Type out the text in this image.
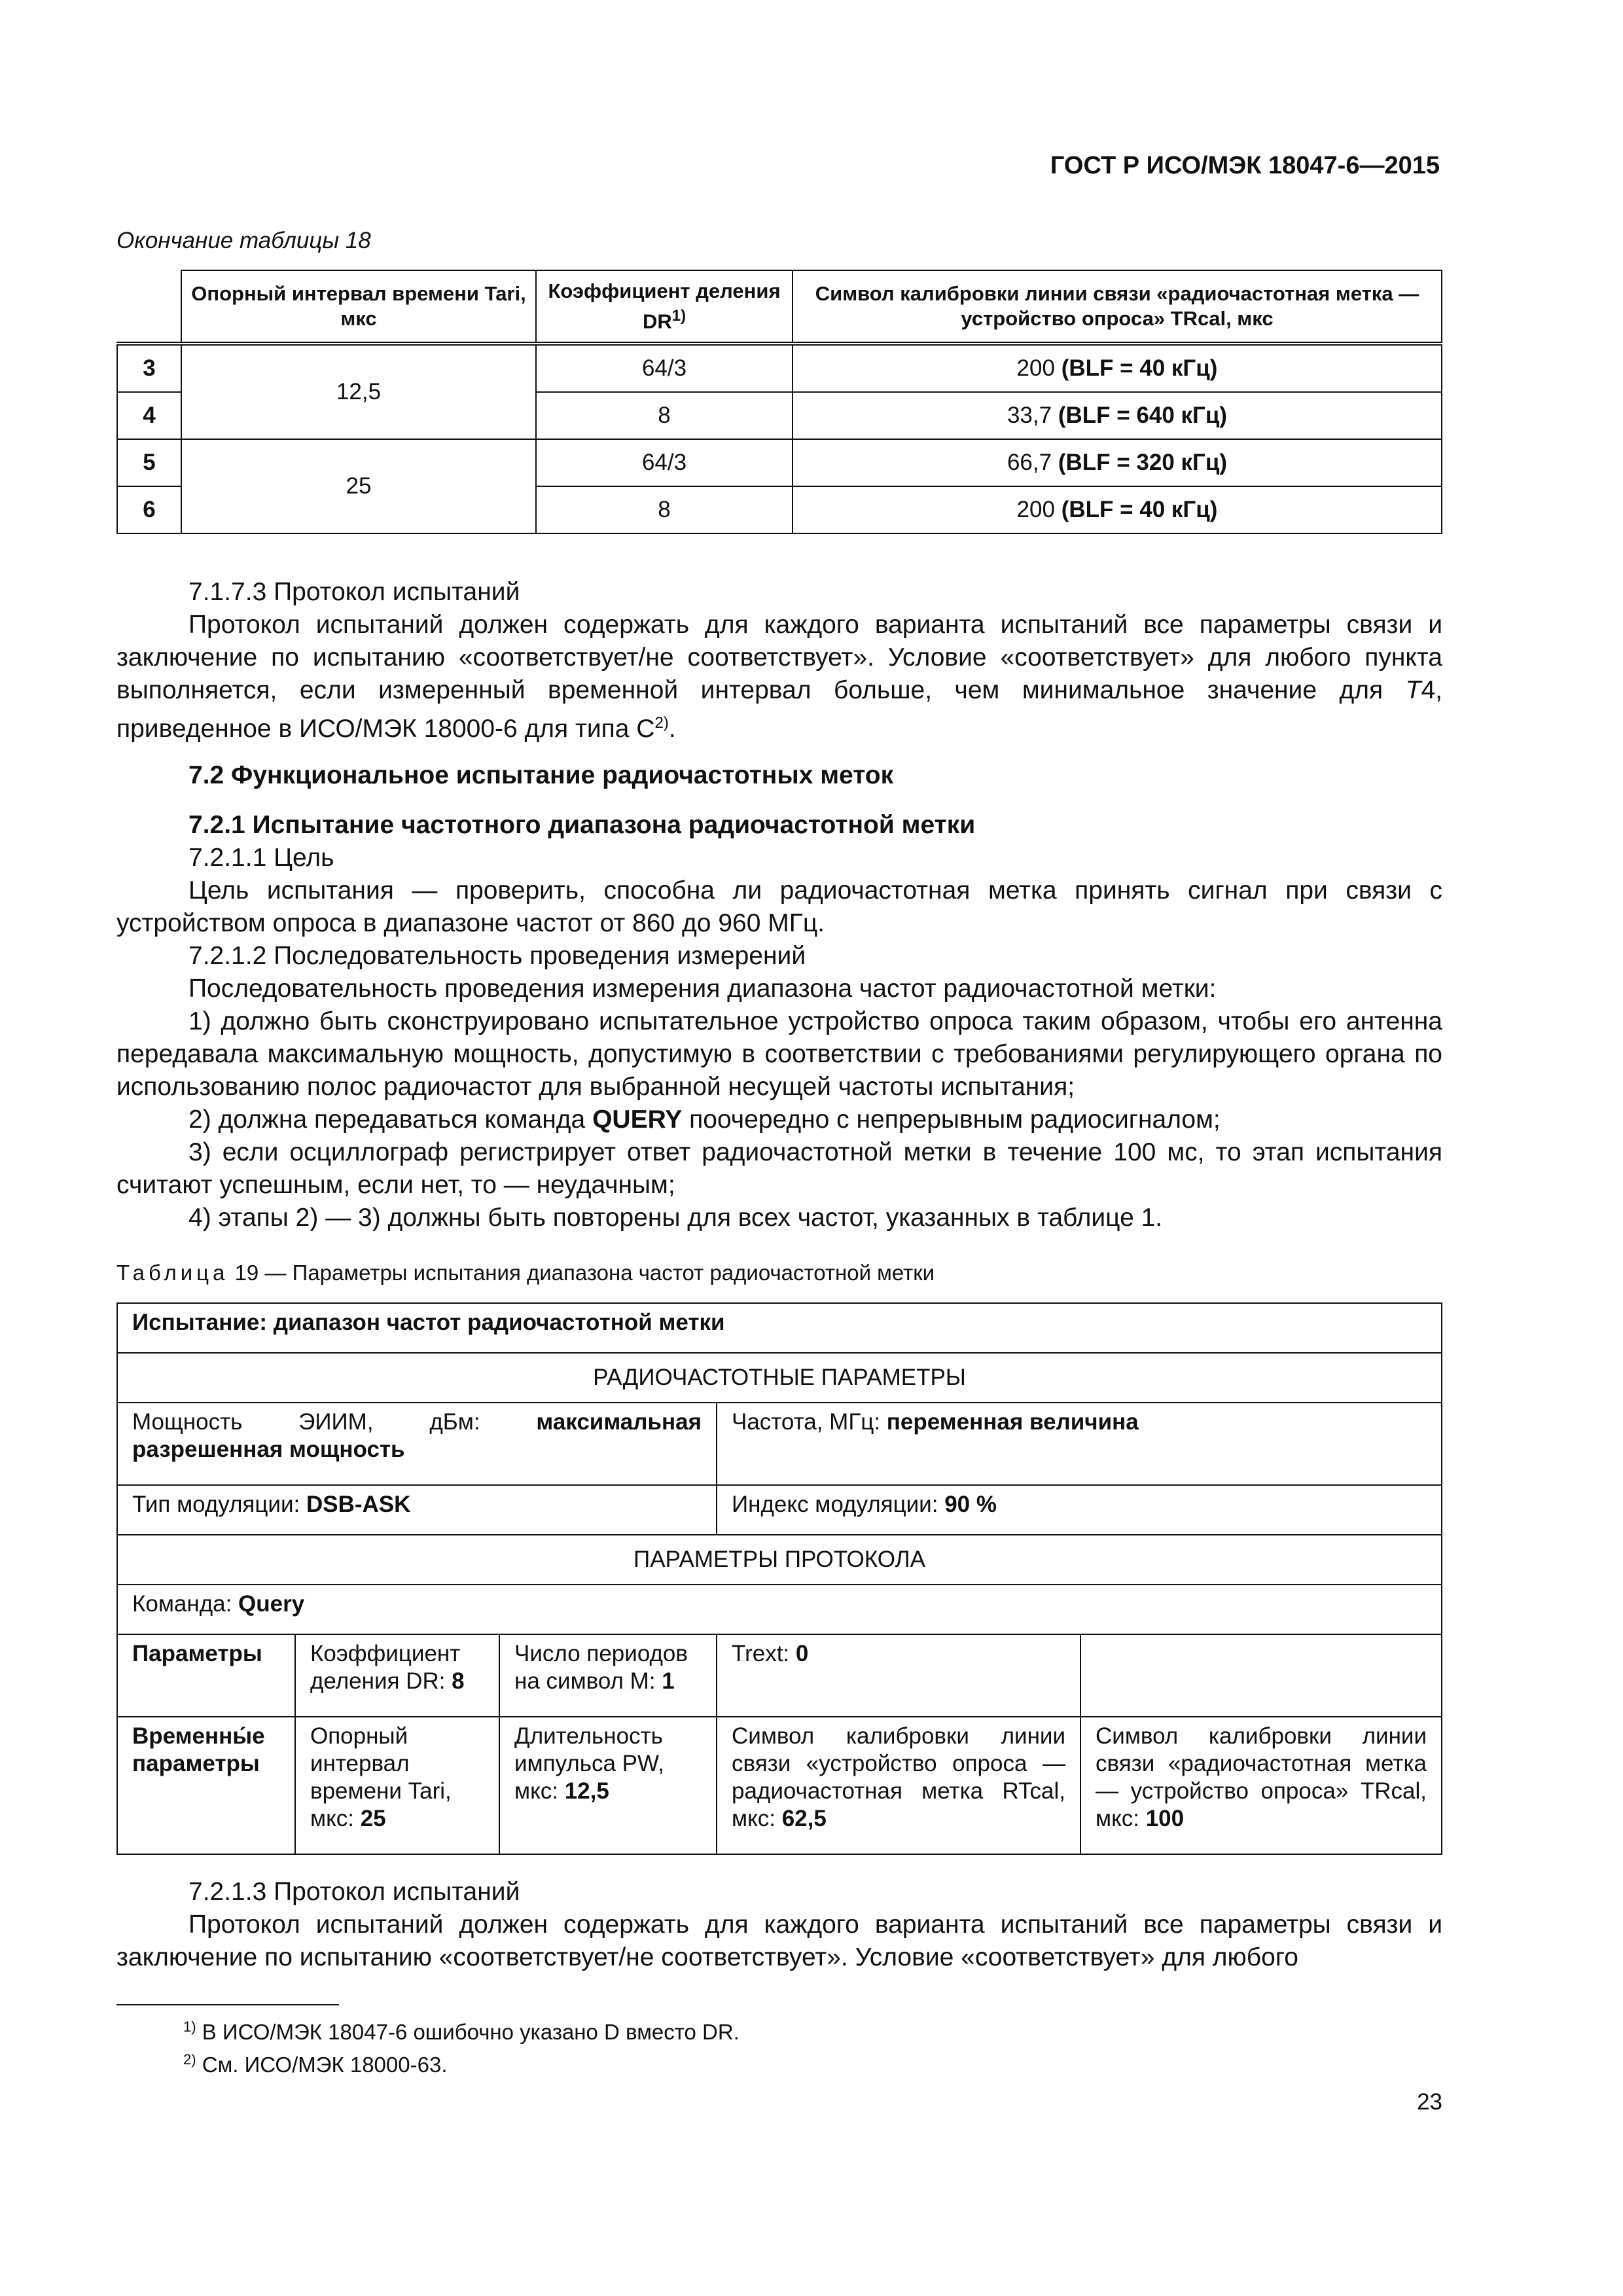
ГОСТ Р ИСО/МЭК 18047-6—2015
Окончание таблицы 18
	Опорный интервал времени Tari, мкс	Коэффициент деления DR$^{1)}$	Символ калибровки линии связи «радиочастотная метка — устройство опроса» TRcal, мкс
3	12,5	64/3	200 (BLF = 40 кГц)
4		8	33,7 (BLF = 640 кГц)
5	25	64/3	66,7 (BLF = 320 кГц)
6		8	200 (BLF = 40 кГц)

7.1.7.3 Протокол испытаний

Протокол испытаний должен содержать для каждого варианта испытаний все параметры связи и заключение по испытанию «соответствует/не соответствует». Условие «соответствует» для любого пункта выполняется, если измеренный временной интервал больше, чем минимальное значение для T4, приведенное в ИСО/МЭК 18000-6 для типа $С^{2)}$.

7.2 Функциональное испытание радиочастотных меток

7.2.1 Испытание частотного диапазона радиочастотной метки

7.2.1.1 Цель

Цель испытания — проверить, способна ли радиочастотная метка принять сигнал при связи с устройством опроса в диапазоне частот от 860 до 960 МГц.

7.2.1.2 Последовательность проведения измерений

Последовательность проведения измерения диапазона частот радиочастотной метки:

1) должно быть сконструировано испытательное устройство опроса таким образом, чтобы его антенна передавала максимальную мощность, допустимую в соответствии с требованиями регулирующего органа по использованию полос радиочастот для выбранной несущей частоты испытания;

2) должна передаваться команда QUERY поочередно с непрерывным радиосигналом;

3) если осциллограф регистрирует ответ радиочастотной метки в течение 100 мс, то этап испытания считают успешным, если нет, то — неудачным;

4) этапы 2) — 3) должны быть повторены для всех частот, указанных в таблице 1.

Таблица 19 — Параметры испытания диапазона частот радиочастотной метки
Испытание: диапазон частот радиочастотной метки				
РАДИОЧАСТОТНЫЕ ПАРАМЕТРЫ				
Мощность ЭИИМ, дБм: максимальная разрешенная мощность			Частота, МГц: переменная величина	
Тип модуляции: DSB-ASK			Индекс модуляции: 90 %	
ПАРАМЕТРЫ ПРОТОКОЛА				
Команда: Query				
Параметры	Коэффициент деления DR: 8	Число периодов на символ M: 1	Trext: 0	
Временны́е параметры	Опорный интервал времени Tari, мкс: 25	Длительность импульса PW, мкс: 12,5	Символ калибровки линии связи «устройство опроса — радиочастотная метка RTcal, мкс: 62,5	Символ калибровки линии связи «радиочастотная метка — устройство опроса» TRcal, мкс: 100

7.2.1.3 Протокол испытаний

Протокол испытаний должен содержать для каждого варианта испытаний все параметры связи и заключение по испытанию «соответствует/не соответствует». Условие «соответствует» для любого

$^{1)}$ В ИСО/МЭК 18047-6 ошибочно указано D вместо DR.
$^{2)}$ См. ИСО/МЭК 18000-63.
23
